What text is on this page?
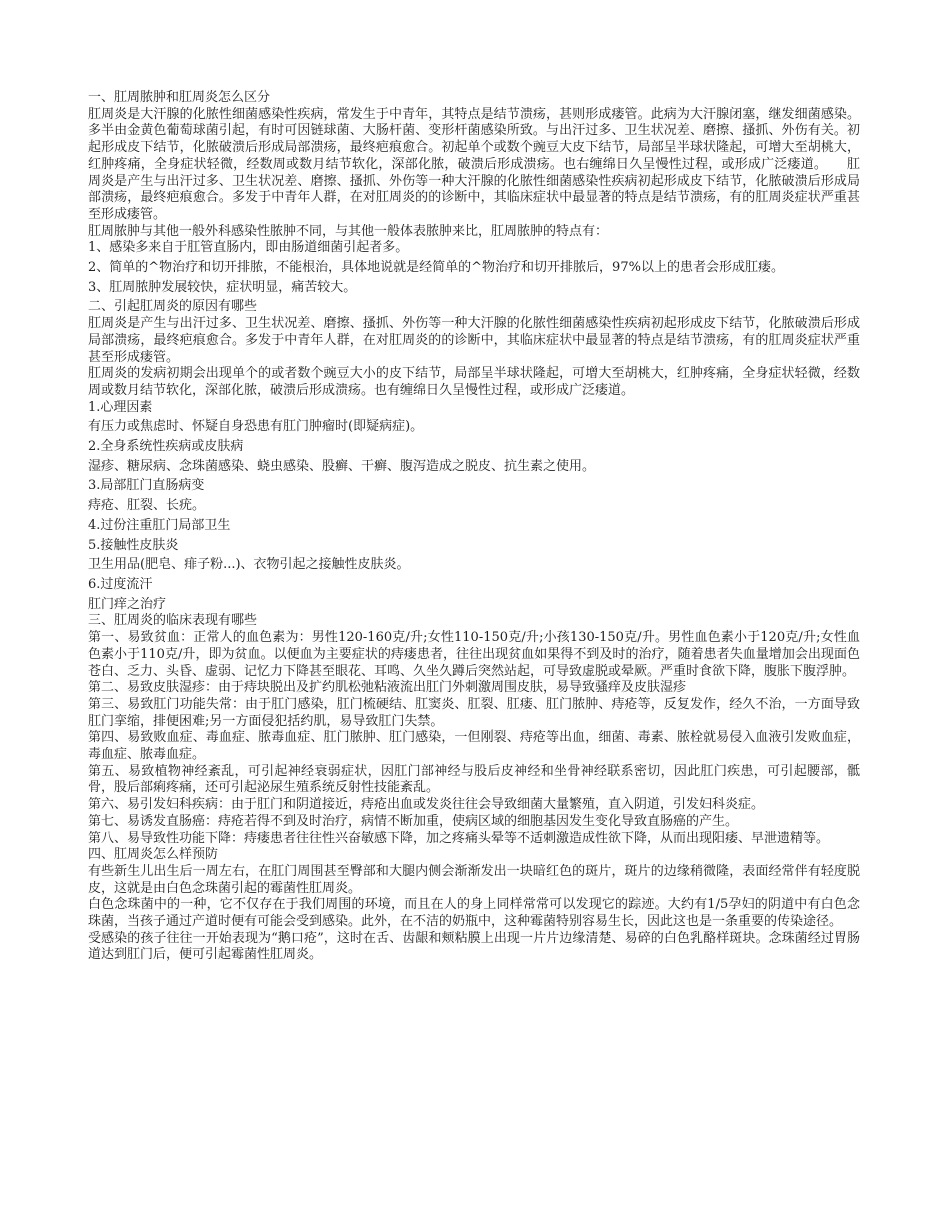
一、肛周脓肿和肛周炎怎么区分

肛周炎是大汗腺的化脓性细菌感染性疾病，常发生于中青年，其特点是结节溃疡，甚则形成瘘管。此病为大汗腺闭塞，继发细菌感染。多半由金黄色葡萄球菌引起，有时可因链球菌、大肠杆菌、变形杆菌感染所致。与出汗过多、卫生状况差、磨擦、搔抓、外伤有关。初起形成皮下结节，化脓破溃后形成局部溃疡，最终疤痕愈合。初起单个或数个豌豆大皮下结节，局部呈半球状隆起，可增大至胡桃大，红肿疼痛，全身症状轻微，经数周或数月结节软化，深部化脓，破溃后形成溃疡。也右缠绵日久呈慢性过程，或形成广泛瘘道。　　肛周炎是产生与出汗过多、卫生状况差、磨擦、搔抓、外伤等一种大汗腺的化脓性细菌感染性疾病初起形成皮下结节，化脓破溃后形成局部溃疡，最终疤痕愈合。多发于中青年人群，在对肛周炎的的诊断中，其临床症状中最显著的特点是结节溃疡，有的肛周炎症状严重甚至形成瘘管。

肛周脓肿与其他一般外科感染性脓肿不同，与其他一般体表脓肿来比，肛周脓肿的特点有：

1、感染多来自于肛管直肠内，即由肠道细菌引起者多。

2、简单的^物治疗和切开排脓，不能根治，具体地说就是经简单的^物治疗和切开排脓后，97%以上的患者会形成肛瘘。

3、肛周脓肿发展较快，症状明显，痛苦较大。

二、引起肛周炎的原因有哪些

肛周炎是产生与出汗过多、卫生状况差、磨擦、搔抓、外伤等一种大汗腺的化脓性细菌感染性疾病初起形成皮下结节，化脓破溃后形成局部溃疡，最终疤痕愈合。多发于中青年人群，在对肛周炎的的诊断中，其临床症状中最显著的特点是结节溃疡，有的肛周炎症状严重甚至形成瘘管。

肛周炎的发病初期会出现单个的或者数个豌豆大小的皮下结节，局部呈半球状隆起，可增大至胡桃大，红肿疼痛，全身症状轻微，经数周或数月结节软化，深部化脓，破溃后形成溃疡。也有缠绵日久呈慢性过程，或形成广泛瘘道。

1.心理因素

有压力或焦虑时、怀疑自身恐患有肛门肿瘤时(即疑病症)。

2.全身系统性疾病或皮肤病

湿疹、糖尿病、念珠菌感染、蛲虫感染、股癣、干癣、腹泻造成之脱皮、抗生素之使用。

3.局部肛门直肠病变

痔疮、肛裂、长疣。

4.过份注重肛门局部卫生

5.接触性皮肤炎

卫生用品(肥皂、痱子粉...)、衣物引起之接触性皮肤炎。

6.过度流汗

肛门痒之治疗

三、肛周炎的临床表现有哪些

第一、易致贫血：正常人的血色素为：男性120-160克/升;女性110-150克/升;小孩130-150克/升。男性血色素小于120克/升;女性血色素小于110克/升，即为贫血。以便血为主要症状的痔瘘患者，往往出现贫血如果得不到及时的治疗，随着患者失血量增加会出现面色苍白、乏力、头昏、虚弱、记忆力下降甚至眼花、耳鸣、久坐久蹲后突然站起，可导致虚脱或晕厥。严重时食欲下降，腹胀下腹浮肿。

第二、易致皮肤湿疹：由于痔块脱出及扩约肌松弛粘液流出肛门外刺激周围皮肤，易导致骚痒及皮肤湿疹

第三、易致肛门功能失常：由于肛门感染，肛门梳硬结、肛窦炎、肛裂、肛瘘、肛门脓肿、痔疮等，反复发作，经久不治，一方面导致肛门挛缩，排便困难;另一方面侵犯括约肌，易导致肛门失禁。

第四、易致败血症、毒血症、脓毒血症、肛门脓肿、肛门感染，一但刚裂、痔疮等出血，细菌、毒素、脓栓就易侵入血液引发败血症，毒血症、脓毒血症。

第五、易致植物神经紊乱，可引起神经衰弱症状，因肛门部神经与股后皮神经和坐骨神经联系密切，因此肛门疾患，可引起腰部，骶骨，股后部痢疼痛，还可引起泌尿生殖系统反射性技能紊乱。

第六、易引发妇科疾病：由于肛门和阴道接近，痔疮出血或发炎往往会导致细菌大量繁殖，直入阴道，引发妇科炎症。

第七、易诱发直肠癌：痔疮若得不到及时治疗，病情不断加重，使病区域的细胞基因发生变化导致直肠癌的产生。

第八、易导致性功能下降：痔瘘患者往往性兴奋敏感下降，加之疼痛头晕等不适刺激造成性欲下降，从而出现阳痿、早泄遗精等。

四、肛周炎怎么样预防

有些新生儿出生后一周左右，在肛门周围甚至臀部和大腿内侧会渐渐发出一块暗红色的斑片，斑片的边缘稍微隆，表面经常伴有轻度脱皮，这就是由白色念珠菌引起的霉菌性肛周炎。

白色念珠菌中的一种，它不仅存在于我们周围的环境，而且在人的身上同样常常可以发现它的踪迹。大约有1/5孕妇的阴道中有白色念珠菌，当孩子通过产道时便有可能会受到感染。此外，在不洁的奶瓶中，这种霉菌特别容易生长，因此这也是一条重要的传染途径。

受感染的孩子往往一开始表现为“鹅口疮”，这时在舌、齿龈和颊粘膜上出现一片片边缘清楚、易碎的白色乳酪样斑块。念珠菌经过胃肠道达到肛门后，便可引起霉菌性肛周炎。
